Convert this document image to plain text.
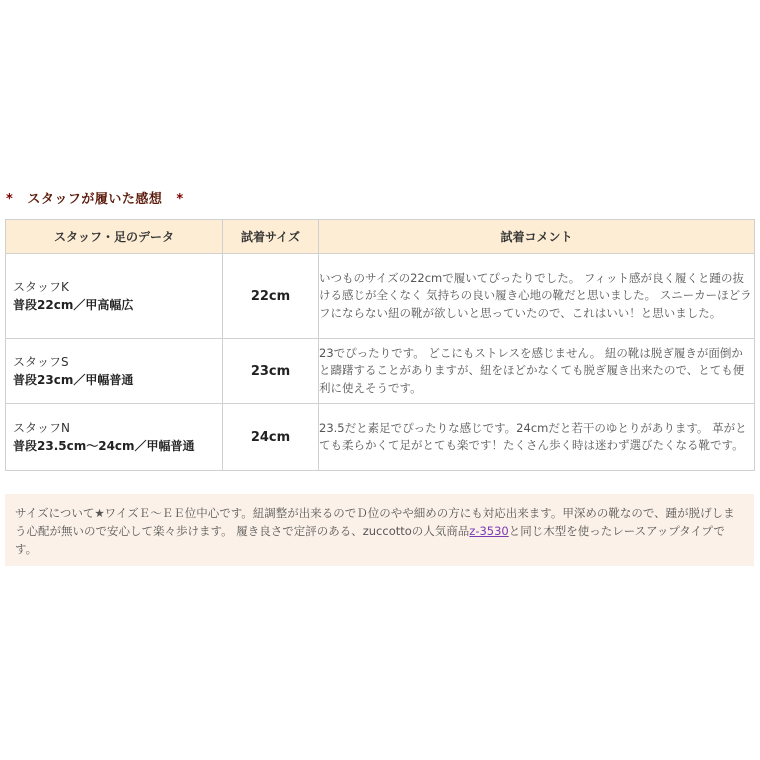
* スタッフが履いた感想 *
スタッフ・足のデータ	試着サイズ	試着コメント

スタッフK
普段22cm／甲高幅広	22cm	いつものサイズの22cmで履いてぴったりでした。 フィット感が良く履くと踵の抜ける感じが全くなく 気持ちの良い履き心地の靴だと思いました。 スニーカーほどラフにならない紐の靴が欲しいと思っていたので、これはいい！と思いました。

スタッフS
普段23cm／甲幅普通	23cm	23でぴったりです。 どこにもストレスを感じません。 紐の靴は脱ぎ履きが面倒かと躊躇することがありますが、紐をほどかなくても脱ぎ履き出来たので、とても便利に使えそうです。

スタッフN
普段23.5cm～24cm／甲幅普通	24cm	23.5だと素足でぴったりな感じです。24cmだと若干のゆとりがあります。 革がとても柔らかくて足がとても楽です！たくさん歩く時は迷わず選びたくなる靴です。
サイズについて★ワイズＥ～ＥＥ位中心です。紐調整が出来るのでＤ位のやや細めの方にも対応出来ます。甲深めの靴なので、踵が脱げしまう心配が無いので安心して楽々歩けます。 履き良さで定評のある、zuccottoの人気商品z-3530と同じ木型を使ったレースアップタイプです。
